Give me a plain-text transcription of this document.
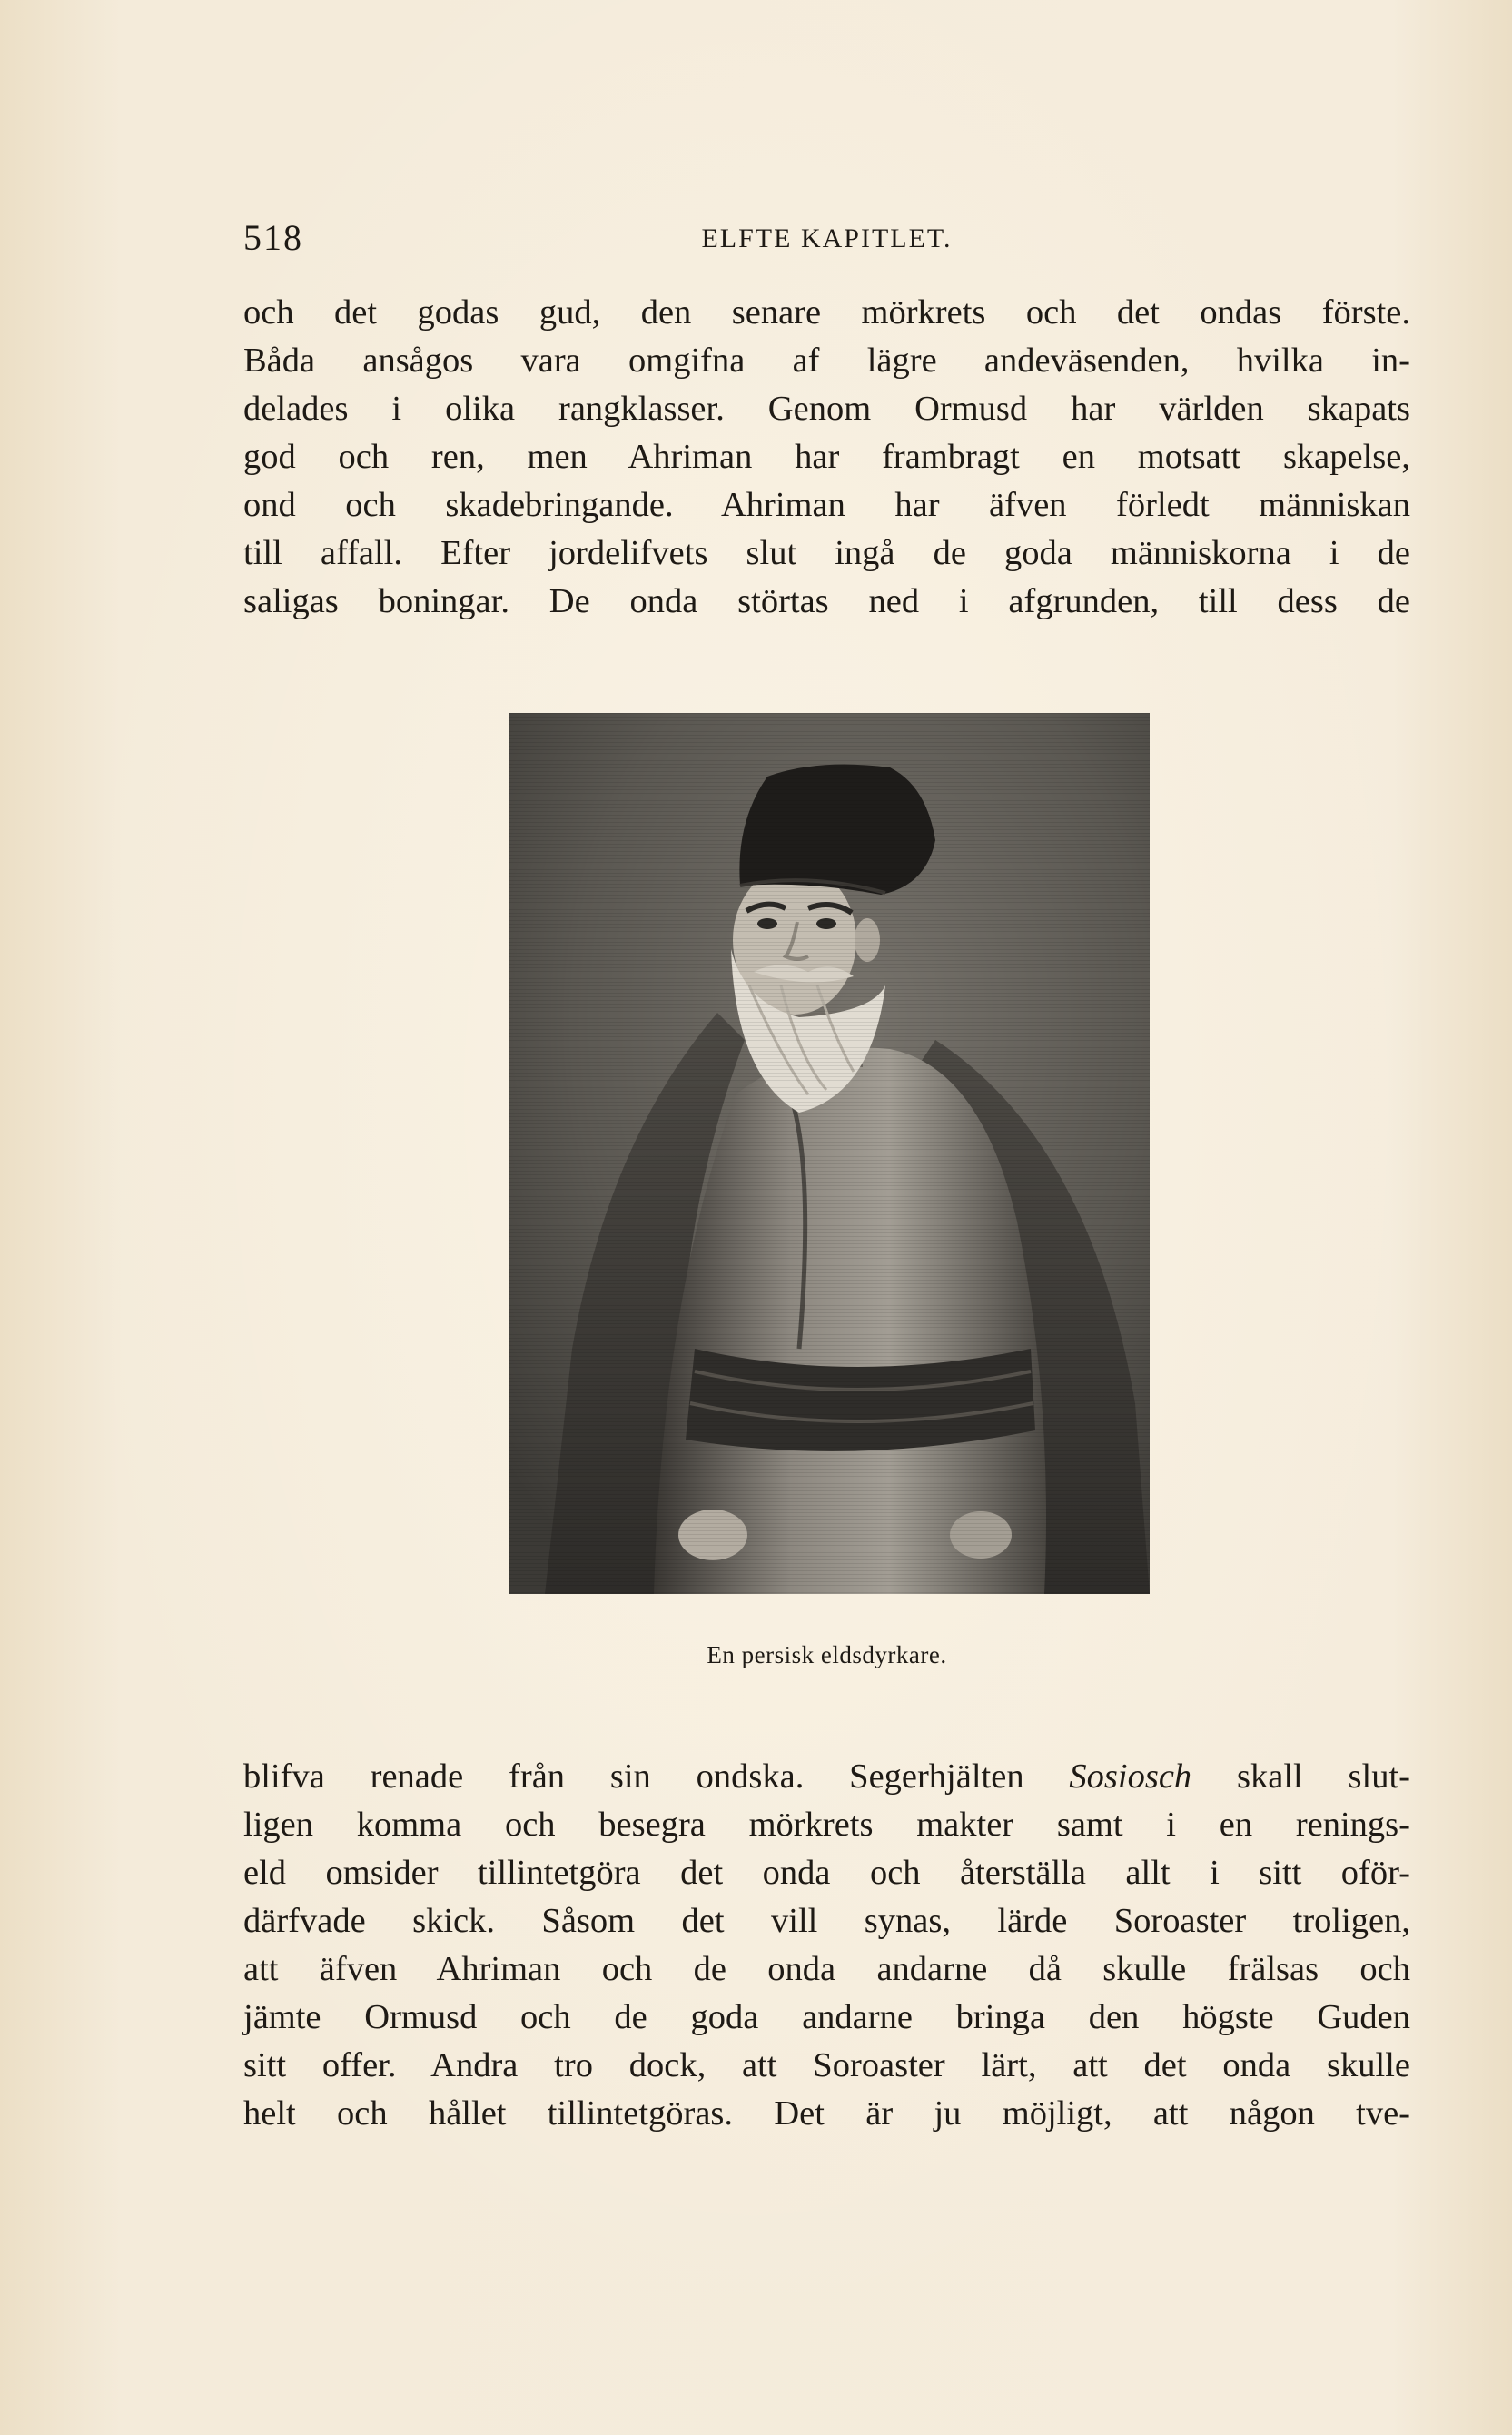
518	ELFTE KAPITLET.
och det godas gud, den senare mörkrets och det ondas förste.
Båda ansågos vara omgifna af lägre andeväsenden, hvilka in-
delades i olika rangklasser. Genom Ormusd har världen skapats
god och ren, men Ahriman har frambragt en motsatt skapelse,
ond och skadebringande. Ahriman har äfven förledt människan
till affall. Efter jordelifvets slut ingå de goda människorna i de
saligas boningar. De onda störtas ned i afgrunden, till dess de
En persisk eldsdyrkare.
blifva renade från sin ondska. Segerhjälten Sosiosch skall slut-
ligen komma och besegra mörkrets makter samt i en renings-
eld omsider tillintetgöra det onda och återställa allt i sitt oför-
därfvade skick. Såsom det vill synas, lärde Soroaster troligen,
att äfven Ahriman och de onda andarne då skulle frälsas och
jämte Ormusd och de goda andarne bringa den högste Guden
sitt offer. Andra tro dock, att Soroaster lärt, att det onda skulle
helt och hållet tillintetgöras. Det är ju möjligt, att någon tve-
